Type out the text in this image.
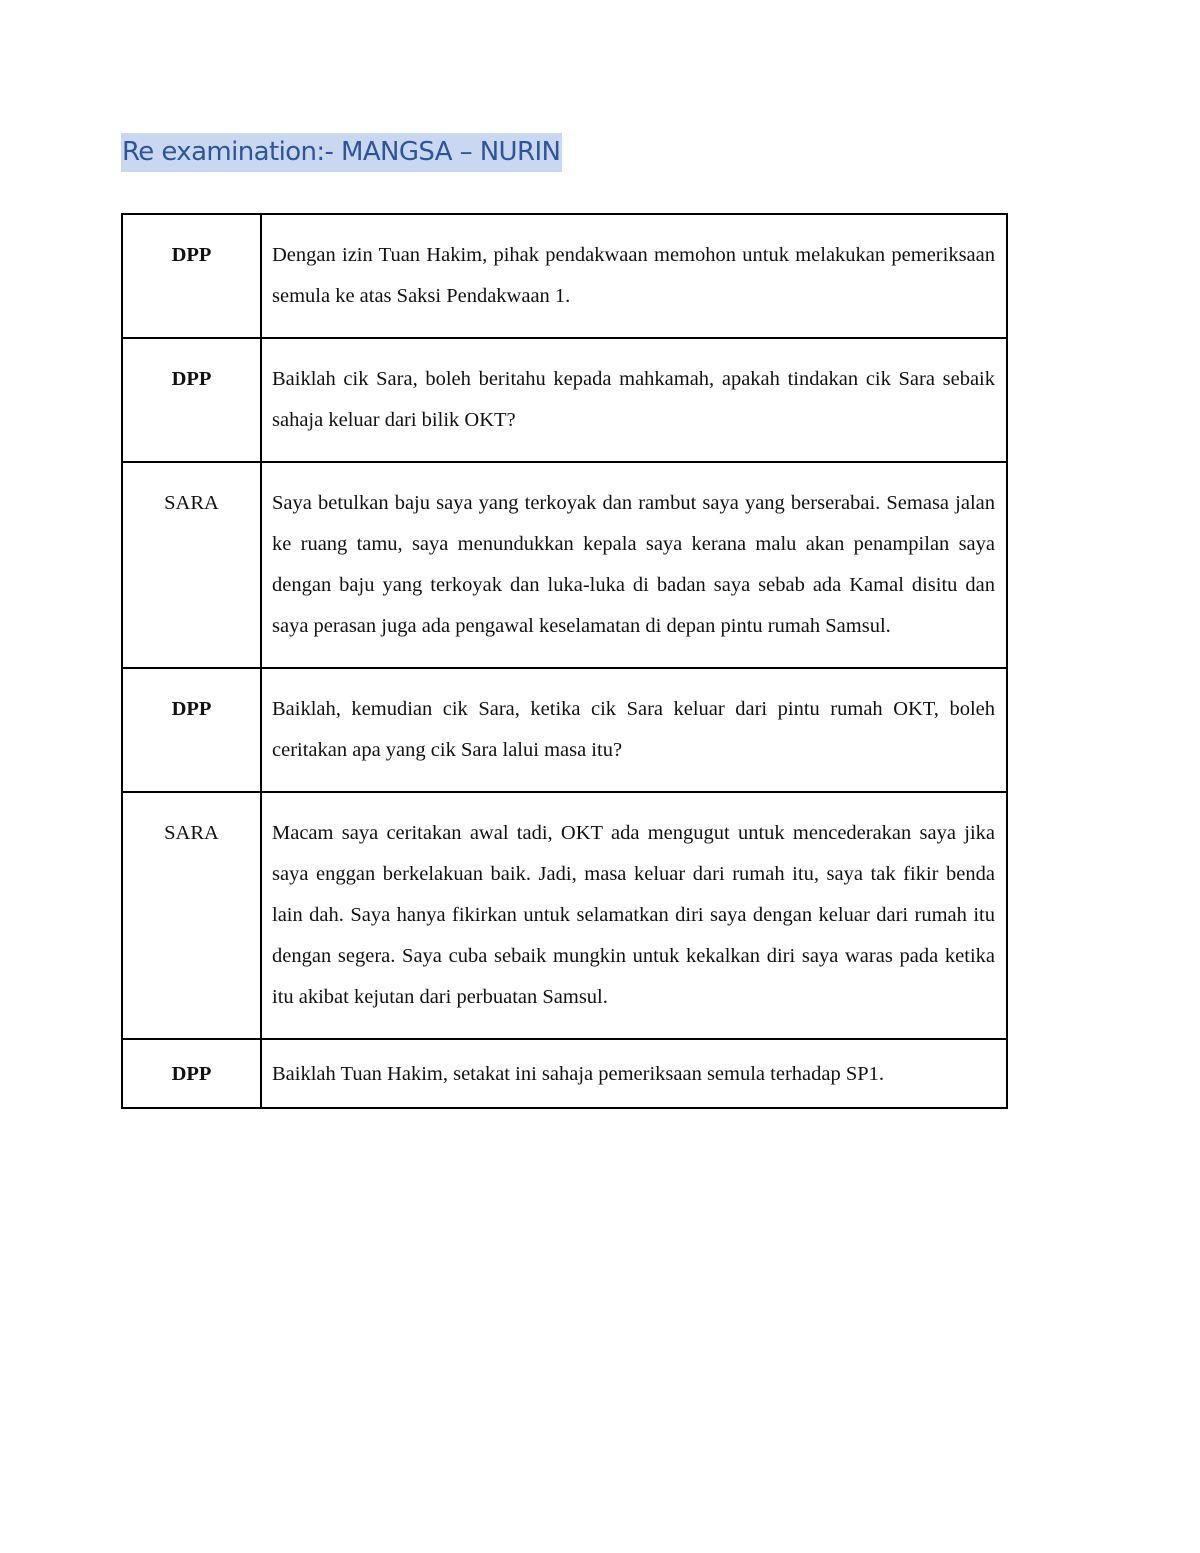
Re examination:- MANGSA – NURIN
DPP	Dengan izin Tuan Hakim, pihak pendakwaan memohon untuk melakukan pemeriksaan semula ke atas Saksi Pendakwaan 1.
DPP	Baiklah cik Sara, boleh beritahu kepada mahkamah, apakah tindakan cik Sara sebaik sahaja keluar dari bilik OKT?
SARA	Saya betulkan baju saya yang terkoyak dan rambut saya yang berserabai. Semasa jalan ke ruang tamu, saya menundukkan kepala saya kerana malu akan penampilan saya dengan baju yang terkoyak dan luka-luka di badan saya sebab ada Kamal disitu dan saya perasan juga ada pengawal keselamatan di depan pintu rumah Samsul.
DPP	Baiklah, kemudian cik Sara, ketika cik Sara keluar dari pintu rumah OKT, boleh ceritakan apa yang cik Sara lalui masa itu?
SARA	Macam saya ceritakan awal tadi, OKT ada mengugut untuk mencederakan saya jika saya enggan berkelakuan baik. Jadi, masa keluar dari rumah itu, saya tak fikir benda lain dah. Saya hanya fikirkan untuk selamatkan diri saya dengan keluar dari rumah itu dengan segera. Saya cuba sebaik mungkin untuk kekalkan diri saya waras pada ketika itu akibat kejutan dari perbuatan Samsul.
DPP	Baiklah Tuan Hakim, setakat ini sahaja pemeriksaan semula terhadap SP1.
